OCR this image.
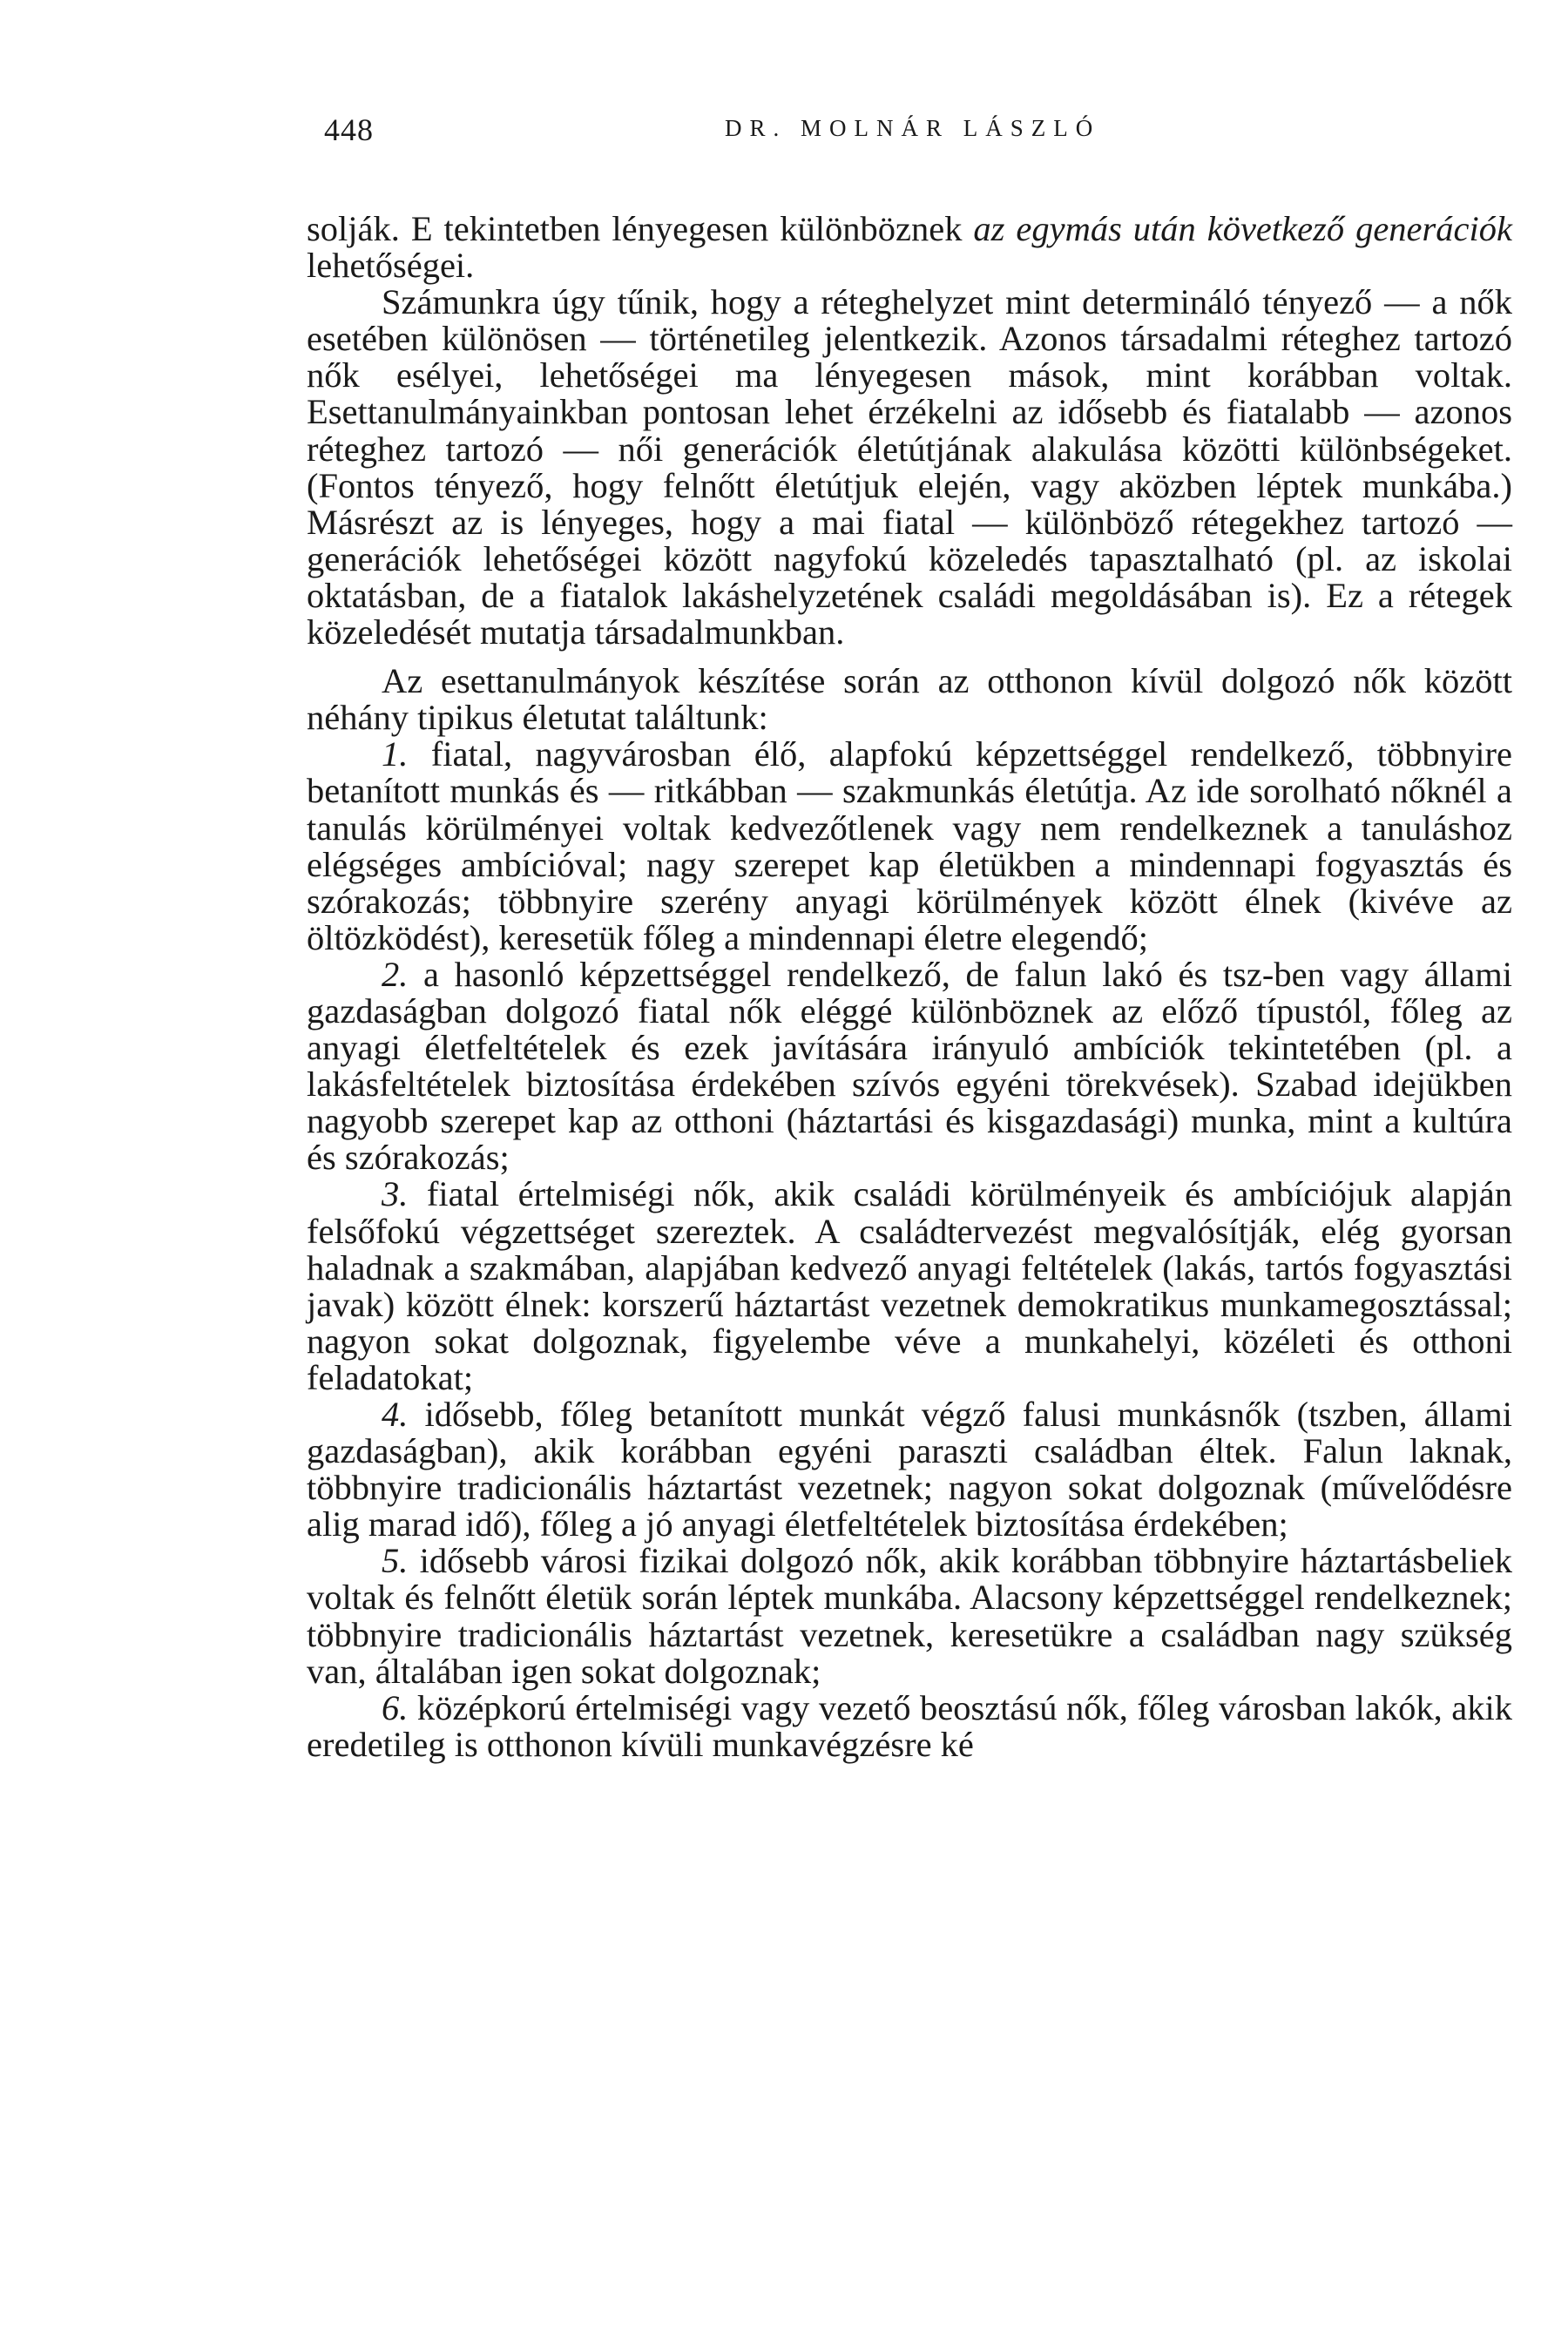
448	DR. MOLNÁR LÁSZLÓ

solják. E tekintetben lényegesen különböznek az egymás után következő generációk lehetőségei.

Számunkra úgy tűnik, hogy a réteghelyzet mint determináló tényező — a nők esetében különösen — történetileg jelentkezik. Azonos társadalmi réteghez tartozó nők esélyei, lehetőségei ma lényegesen mások, mint korábban voltak. Esettanulmányainkban pontosan lehet érzékelni az idősebb és fiatalabb — azonos réteghez tartozó — női generációk életútjának alakulása közötti különbségeket. (Fontos tényező, hogy felnőtt életútjuk elején, vagy aközben léptek munkába.) Másrészt az is lényeges, hogy a mai fiatal — különböző rétegekhez tartozó — generációk lehetőségei között nagyfokú közeledés tapasztalható (pl. az iskolai oktatásban, de a fiatalok lakáshelyzetének családi megoldásában is). Ez a rétegek közeledését mutatja társadalmunkban.

Az esettanulmányok készítése során az otthonon kívül dolgozó nők között néhány tipikus életutat találtunk:

1. fiatal, nagyvárosban élő, alapfokú képzettséggel rendelkező, többnyire betanított munkás és — ritkábban — szakmunkás életútja. Az ide sorolható nőknél a tanulás körülményei voltak kedvezőtlenek vagy nem rendelkeznek a tanuláshoz elégséges ambícióval; nagy szerepet kap életükben a mindennapi fogyasztás és szórakozás; többnyire szerény anyagi körülmények között élnek (kivéve az öltözködést), keresetük főleg a mindennapi életre elegendő;

2. a hasonló képzettséggel rendelkező, de falun lakó és tsz-ben vagy állami gazdaságban dolgozó fiatal nők eléggé különböznek az előző típustól, főleg az anyagi életfeltételek és ezek javítására irányuló ambíciók tekintetében (pl. a lakásfeltételek biztosítása érdekében szívós egyéni törekvések). Szabad idejükben nagyobb szerepet kap az otthoni (háztartási és kisgazdasági) munka, mint a kultúra és szórakozás;

3. fiatal értelmiségi nők, akik családi körülményeik és ambíciójuk alapján felsőfokú végzettséget szereztek. A családtervezést megvalósítják, elég gyorsan haladnak a szakmában, alapjában kedvező anyagi feltételek (lakás, tartós fogyasztási javak) között élnek: korszerű háztartást vezetnek demokratikus munkamegosztással; nagyon sokat dolgoznak, figyelembe véve a munkahelyi, közéleti és otthoni feladatokat;

4. idősebb, főleg betanított munkát végző falusi munkásnők (tszben, állami gazdaságban), akik korábban egyéni paraszti családban éltek. Falun laknak, többnyire tradicionális háztartást vezetnek; nagyon sokat dolgoznak (művelődésre alig marad idő), főleg a jó anyagi életfeltételek biztosítása érdekében;

5. idősebb városi fizikai dolgozó nők, akik korábban többnyire háztartásbeliek voltak és felnőtt életük során léptek munkába. Alacsony képzettséggel rendelkeznek; többnyire tradicionális háztartást vezetnek, keresetükre a családban nagy szükség van, általában igen sokat dolgoznak;

6. középkorú értelmiségi vagy vezető beosztású nők, főleg városban lakók, akik eredetileg is otthonon kívüli munkavégzésre ké
